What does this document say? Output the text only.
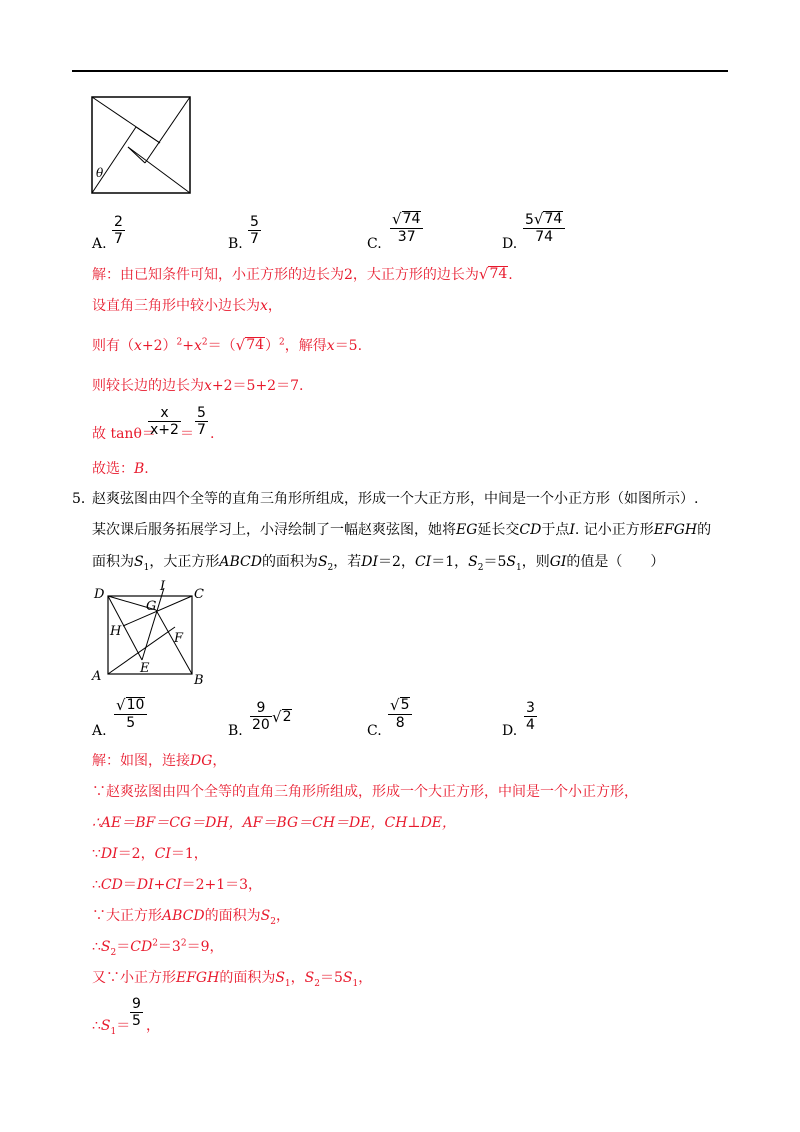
θ
A.
2
7	B.
5
7	C.
√ 74
37	D.
5 √ 74
74
解：由已知条件可知，小正方形的边长为2，大正方形的边长为 √ 74 .
设直角三角形中较小边长为x，
则有$(x+2)^2+x^2=$（ √ 74 ）$^2$，解得x＝5.
则较长边的边长为x+2＝5+2＝7.
故 tanθ＝
x
x+2 ＝
5
7 .
故选：B.
5．
赵爽弦图由四个全等的直角三角形所组成，形成一个大正方形，中间是一个小正方形（如图所示）.
某次课后服务拓展学习上，小浔绘制了一幅赵爽弦图，她将EG延长交CD于点I. 记小正方形EFGH的
面积为$S_1$，大正方形ABCD的面积为$S_2$，若DI＝2，CI＝1，$S_2=5S_1$，则GI的值是（　　）
D
I
C
G
H	F
E
A	B
A.
√ 10
5	B.
9
20 √ 2
C.
√ 5
8	D.
3
4
解：如图，连接DG，
∵赵爽弦图由四个全等的直角三角形所组成，形成一个大正方形，中间是一个小正方形，
∴AE＝BF＝CG＝DH，AF＝BG＝CH＝DE，CH⊥DE，
∵DI＝2，CI＝1，
∴CD＝DI+CI＝2+1＝3，
∵大正方形ABCD的面积为$S_2$，
$\therefore S_2=CD^2=3^2=9$，
又∵小正方形EFGH的面积为$S_1$，$S_2=5S_1$，
$\therefore S_1=$
9
5 ，
